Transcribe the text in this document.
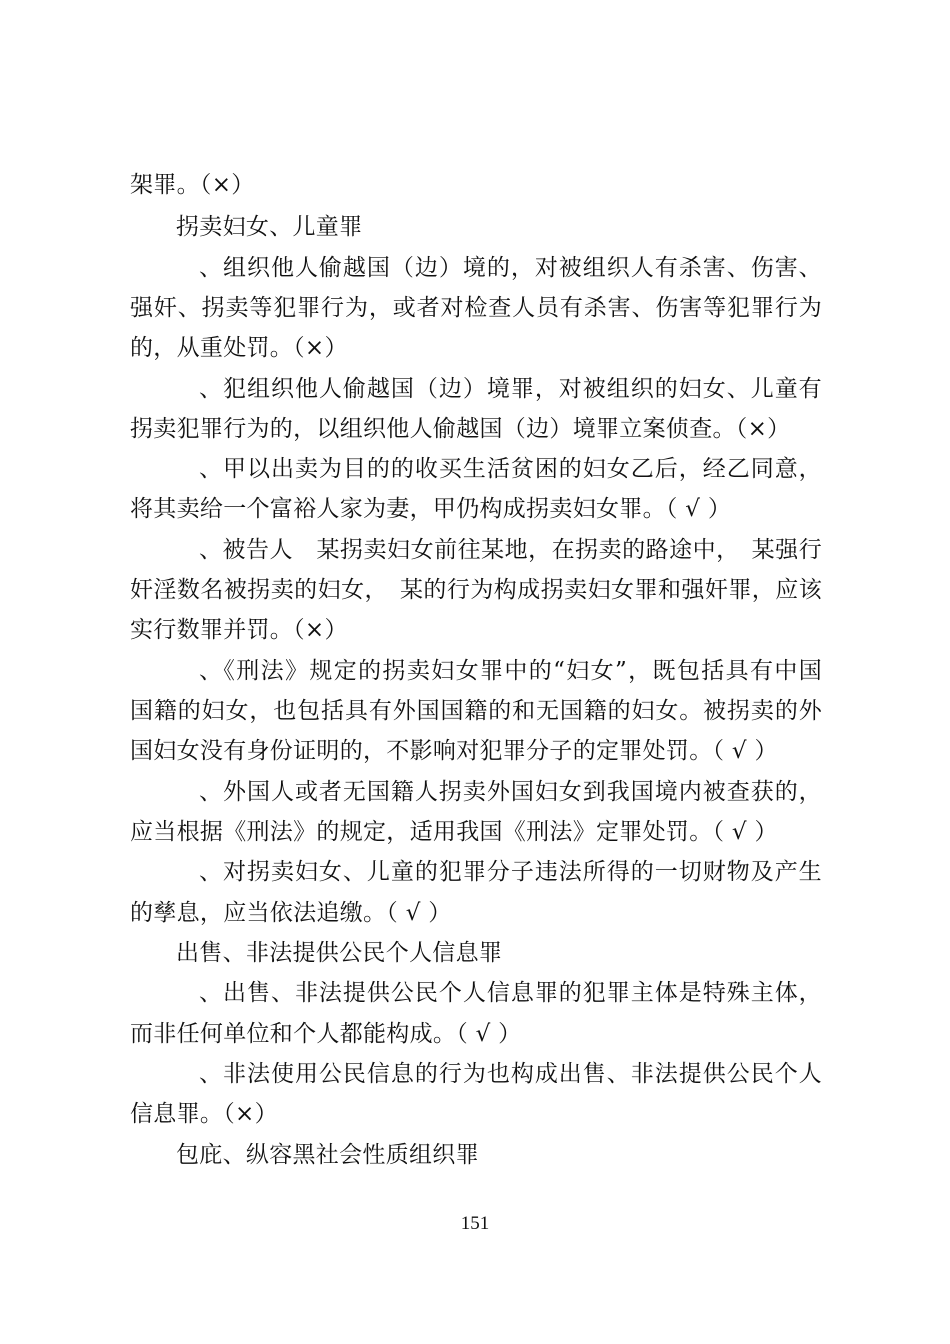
架罪。（×）
拐卖妇女、儿童罪
、组织他人偷越国（边）境的，对被组织人有杀害、伤害、
强奸、拐卖等犯罪行为，或者对检查人员有杀害、伤害等犯罪行为
的，从重处罚。（×）
、犯组织他人偷越国（边）境罪，对被组织的妇女、儿童有
拐卖犯罪行为的，以组织他人偷越国（边）境罪立案侦查。（×）
、甲以出卖为目的的收买生活贫困的妇女乙后，经乙同意，
将其卖给一个富裕人家为妻，甲仍构成拐卖妇女罪。（ √ ）
、被告人　某拐卖妇女前往某地，在拐卖的路途中，　某强行
奸淫数名被拐卖的妇女，　某的行为构成拐卖妇女罪和强奸罪，应该
实行数罪并罚。（×）
、《刑法》规定的拐卖妇女罪中的“妇女”，既包括具有中国
国籍的妇女，也包括具有外国国籍的和无国籍的妇女。被拐卖的外
国妇女没有身份证明的，不影响对犯罪分子的定罪处罚。（ √ ）
、外国人或者无国籍人拐卖外国妇女到我国境内被查获的，
应当根据《刑法》的规定，适用我国《刑法》定罪处罚。（ √ ）
、对拐卖妇女、儿童的犯罪分子违法所得的一切财物及产生
的孳息，应当依法追缴。（ √ ）
出售、非法提供公民个人信息罪
、出售、非法提供公民个人信息罪的犯罪主体是特殊主体，
而非任何单位和个人都能构成。（ √ ）
、非法使用公民信息的行为也构成出售、非法提供公民个人
信息罪。（×）
包庇、纵容黑社会性质组织罪
151
